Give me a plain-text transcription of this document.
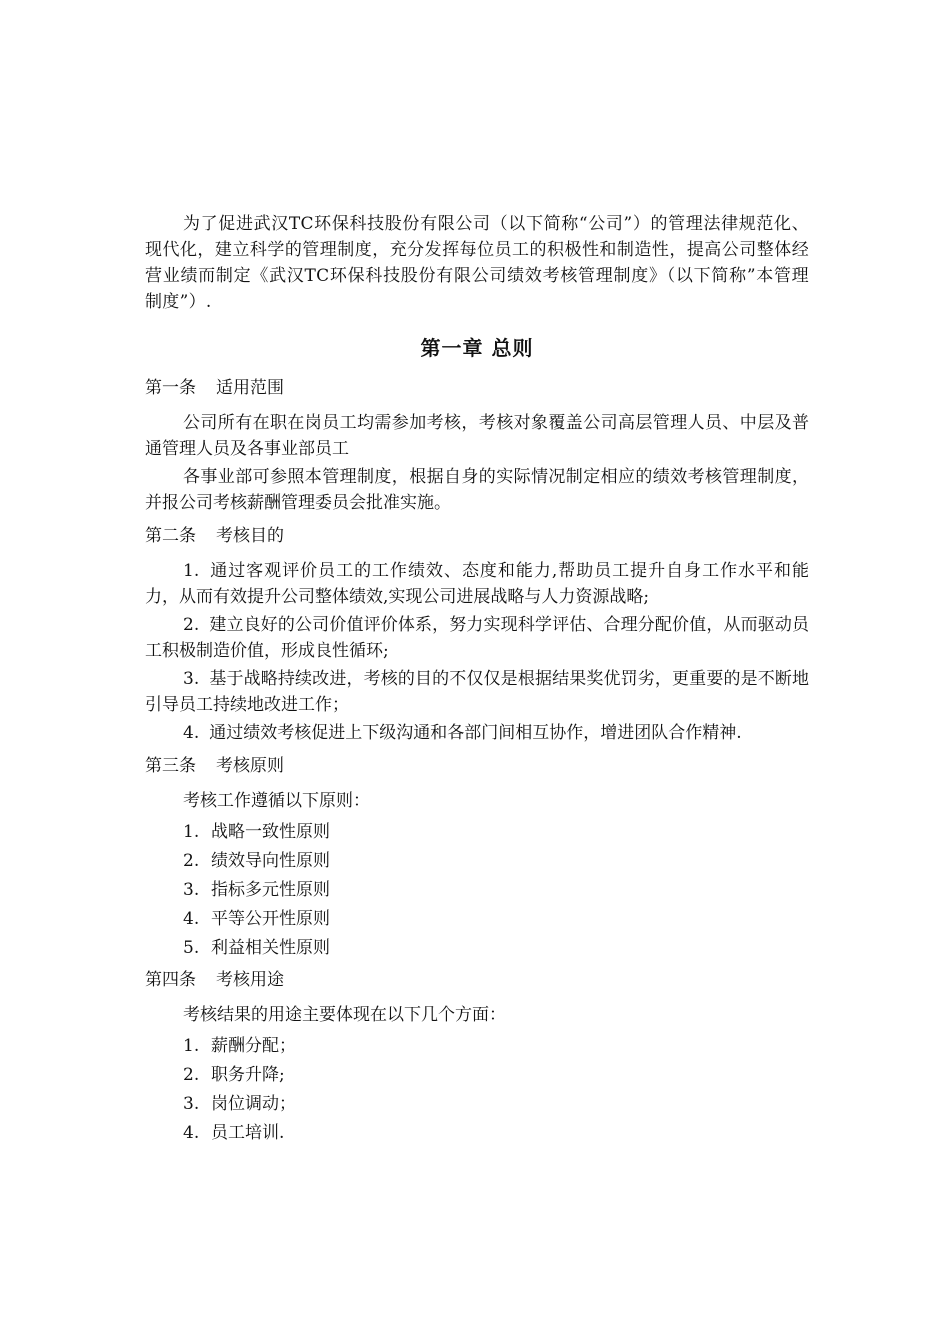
为了促进武汉TC环保科技股份有限公司（以下简称“公司”）的管理法律规范化、现代化，建立科学的管理制度，充分发挥每位员工的积极性和制造性，提高公司整体经营业绩而制定《武汉TC环保科技股份有限公司绩效考核管理制度》（以下简称”本管理制度”）.

第一章 总则

第一条 适用范围

公司所有在职在岗员工均需参加考核，考核对象覆盖公司高层管理人员、中层及普通管理人员及各事业部员工

各事业部可参照本管理制度，根据自身的实际情况制定相应的绩效考核管理制度，并报公司考核薪酬管理委员会批准实施。

第二条 考核目的

1. 通过客观评价员工的工作绩效、态度和能力,帮助员工提升自身工作水平和能力，从而有效提升公司整体绩效,实现公司进展战略与人力资源战略;

2. 建立良好的公司价值评价体系，努力实现科学评估、合理分配价值，从而驱动员工积极制造价值，形成良性循环;

3. 基于战略持续改进，考核的目的不仅仅是根据结果奖优罚劣，更重要的是不断地引导员工持续地改进工作；

4. 通过绩效考核促进上下级沟通和各部门间相互协作，增进团队合作精神.

第三条 考核原则

考核工作遵循以下原则：

1. 战略一致性原则

2. 绩效导向性原则

3. 指标多元性原则

4. 平等公开性原则

5. 利益相关性原则

第四条 考核用途

考核结果的用途主要体现在以下几个方面：

1. 薪酬分配；

2. 职务升降;

3. 岗位调动；

4. 员工培训.
